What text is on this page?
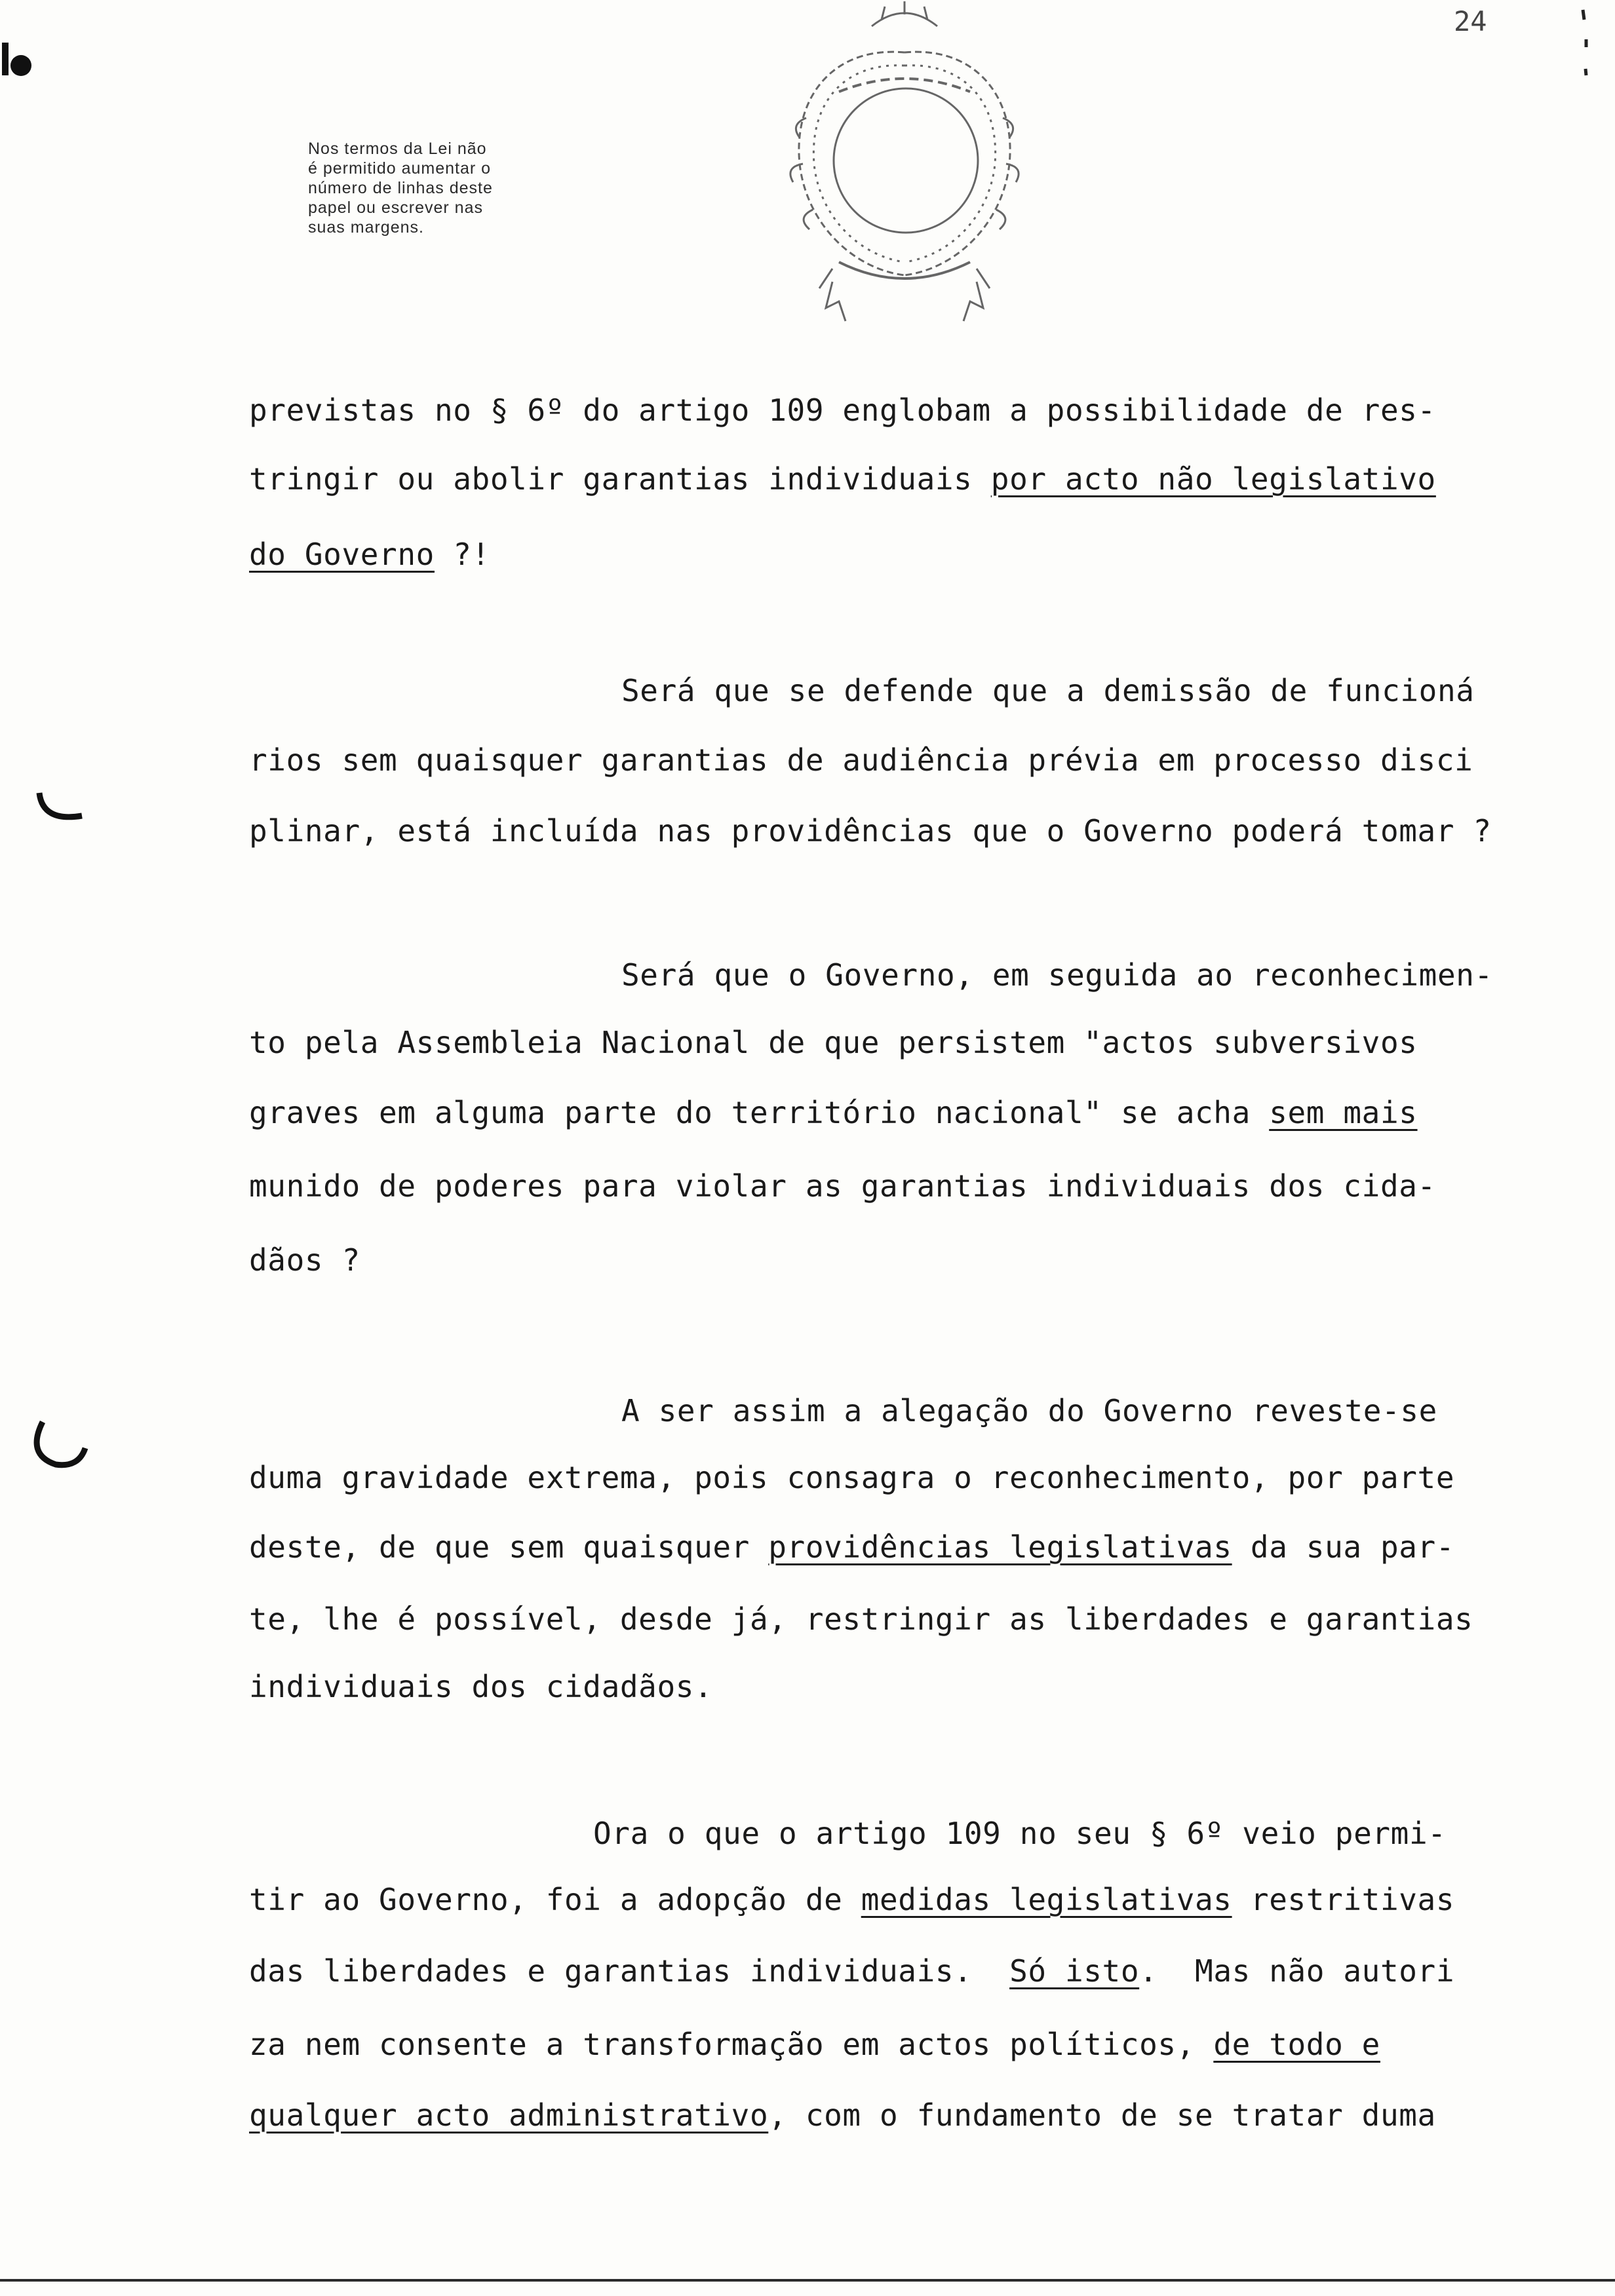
24
Nos termos da Lei não
é permitido aumentar o
número de linhas deste
papel ou escrever nas
suas margens.
previstas no § 6º do artigo 109 englobam a possibilidade de res-
tringir ou abolir garantias individuais por acto não legislativo
do Governo ?!
Será que se defende que a demissão de funcioná
rios sem quaisquer garantias de audiência prévia em processo disci
plinar, está incluída nas providências que o Governo poderá tomar ?
Será que o Governo, em seguida ao reconhecimen-
to pela Assembleia Nacional de que persistem "actos subversivos
graves em alguma parte do território nacional" se acha sem mais
munido de poderes para violar as garantias individuais dos cida-
dãos ?
A ser assim a alegação do Governo reveste-se
duma gravidade extrema, pois consagra o reconhecimento, por parte
deste, de que sem quaisquer providências legislativas da sua par-
te, lhe é possível, desde já, restringir as liberdades e garantias
individuais dos cidadãos.
Ora o que o artigo 109 no seu § 6º veio permi-
tir ao Governo, foi a adopção de medidas legislativas restritivas
das liberdades e garantias individuais.  Só isto.  Mas não autori
za nem consente a transformação em actos políticos, de todo e
qualquer acto administrativo, com o fundamento de se tratar duma
